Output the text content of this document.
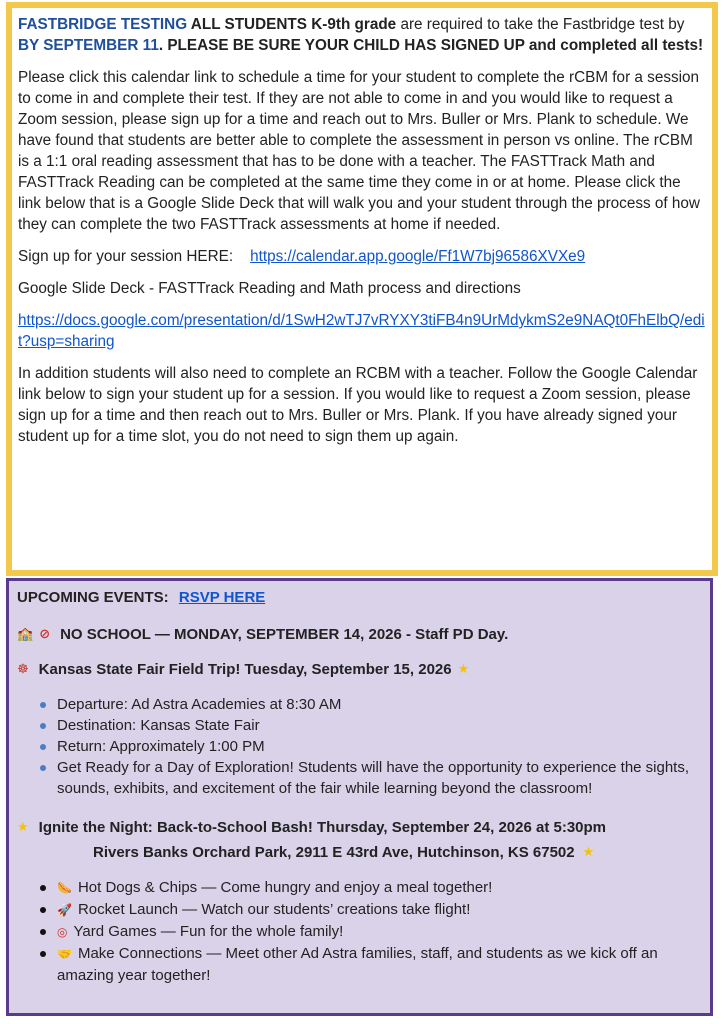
FASTBRIDGE TESTING ALL STUDENTS K-9th grade are required to take the Fastbridge test by BY SEPTEMBER 11. PLEASE BE SURE YOUR CHILD HAS SIGNED UP and completed all tests!

Please click this calendar link to schedule a time for your student to complete the rCBM for a session to come in and complete their test. If they are not able to come in and you would like to request a Zoom session, please sign up for a time and reach out to Mrs. Buller or Mrs. Plank to schedule. We have found that students are better able to complete the assessment in person vs online. The rCBM is a 1:1 oral reading assessment that has to be done with a teacher. The FASTTrack Math and FASTTrack Reading can be completed at the same time they come in or at home. Please click the link below that is a Google Slide Deck that will walk you and your student through the process of how they can complete the two FASTTrack assessments at home if needed.

Sign up for your session HERE: https://calendar.app.google/Ff1W7bj96586XVXe9

Google Slide Deck - FASTTrack Reading and Math process and directions

https://docs.google.com/presentation/d/1SwH2wTJ7vRYXY3tiFB4n9UrMdykmS2e9NAQt0FhElbQ/edit?usp=sharing

In addition students will also need to complete an RCBM with a teacher. Follow the Google Calendar link below to sign your student up for a session. If you would like to request a Zoom session, please sign up for a time and then reach out to Mrs. Buller or Mrs. Plank. If you have already signed your student up for a time slot, you do not need to sign them up again.

UPCOMING EVENTS: RSVP HERE
🏫 ⊘ NO SCHOOL — MONDAY, SEPTEMBER 14, 2026 - Staff PD Day.
☸ Kansas State Fair Field Trip! Tuesday, September 15, 2026 ★
Departure: Ad Astra Academies at 8:30 AM
Destination: Kansas State Fair
Return: Approximately 1:00 PM
Get Ready for a Day of Exploration! Students will have the opportunity to experience the sights, sounds, exhibits, and excitement of the fair while learning beyond the classroom!
★ Ignite the Night: Back-to-School Bash! Thursday, September 24, 2026 at 5:30pm
Rivers Banks Orchard Park, 2911 E 43rd Ave, Hutchinson, KS 67502 ★
🌭 Hot Dogs & Chips — Come hungry and enjoy a meal together!
🚀 Rocket Launch — Watch our students’ creations take flight!
◎ Yard Games — Fun for the whole family!
🤝 Make Connections — Meet other Ad Astra families, staff, and students as we kick off an amazing year together!
